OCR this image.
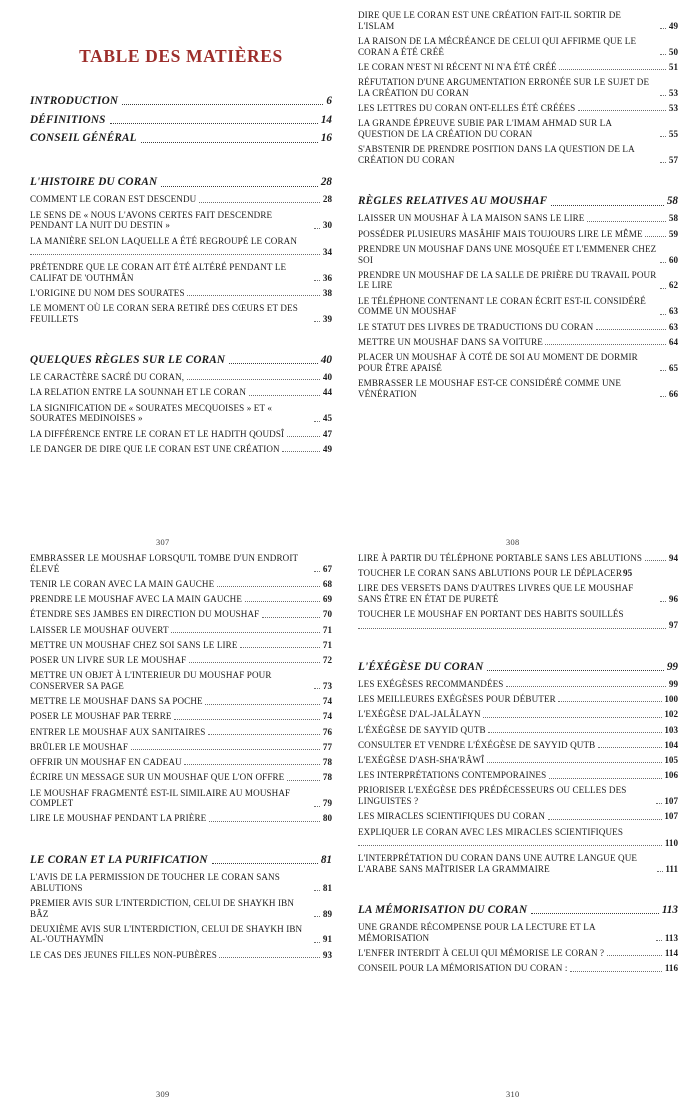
TABLE DES MATIÈRES
INTRODUCTION	6
DÉFINITIONS	14
CONSEIL GÉNÉRAL	16
L'HISTOIRE DU CORAN	28
COMMENT LE CORAN EST DESCENDU	28
LE SENS DE « NOUS L'AVONS CERTES FAIT DESCENDRE PENDANT LA NUIT DU DESTIN »	30
LA MANIÈRE SELON LAQUELLE A ÉTÉ REGROUPÉ LE CORAN
34
PRÉTENDRE QUE LE CORAN AIT ÉTÉ ALTÉRÉ PENDANT LE CALIFAT DE 'OUTHMÂN	36
L'ORIGINE DU NOM DES SOURATES	38
LE MOMENT OÙ LE CORAN SERA RETIRÉ DES CŒURS ET DES FEUILLETS	39
QUELQUES RÈGLES SUR LE CORAN	40
LE CARACTÈRE SACRÉ DU CORAN,	40
LA RELATION ENTRE LA SOUNNAH ET LE CORAN	44
LA SIGNIFICATION DE « SOURATES MECQUOISES » ET « SOURATES MEDINOISES »	45
LA DIFFÉRENCE ENTRE LE CORAN ET LE HADITH QOUDSÎ	47
LE DANGER DE DIRE QUE LE CORAN EST UNE CRÉATION	49
307
DIRE QUE LE CORAN EST UNE CRÉATION FAIT-IL SORTIR DE L'ISLAM	49
LA RAISON DE LA MÉCRÉANCE DE CELUI QUI AFFIRME QUE LE CORAN A ÉTÉ CRÉÉ	50
LE CORAN N'EST NI RÉCENT NI N'A ÉTÉ CRÉÉ	51
RÉFUTATION D'UNE ARGUMENTATION ERRONÉE SUR LE SUJET DE LA CRÉATION DU CORAN	53
LES LETTRES DU CORAN ONT-ELLES ÉTÉ CRÉÉES	53
LA GRANDE ÉPREUVE SUBIE PAR L'IMAM AHMAD SUR LA QUESTION DE LA CRÉATION DU CORAN	55
S'ABSTENIR DE PRENDRE POSITION DANS LA QUESTION DE LA CRÉATION DU CORAN	57
RÈGLES RELATIVES AU MOUSHAF	58
LAISSER UN MOUSHAF À LA MAISON SANS LE LIRE	58
POSSÉDER PLUSIEURS MASÂHIF MAIS TOUJOURS LIRE LE MÊME	59
PRENDRE UN MOUSHAF DANS UNE MOSQUÉE ET L'EMMENER CHEZ SOI	60
PRENDRE UN MOUSHAF DE LA SALLE DE PRIÈRE DU TRAVAIL POUR LE LIRE	62
LE TÉLÉPHONE CONTENANT LE CORAN ÉCRIT EST-IL CONSIDÉRÉ COMME UN MOUSHAF	63
LE STATUT DES LIVRES DE TRADUCTIONS DU CORAN	63
METTRE UN MOUSHAF DANS SA VOITURE	64
PLACER UN MOUSHAF À COTÉ DE SOI AU MOMENT DE DORMIR POUR ÊTRE APAISÉ	65
EMBRASSER LE MOUSHAF EST-CE CONSIDÉRÉ COMME UNE VÉNÉRATION	66
308
EMBRASSER LE MOUSHAF LORSQU'IL TOMBE D'UN ENDROIT ÉLEVÉ	67
TENIR LE CORAN AVEC LA MAIN GAUCHE	68
PRENDRE LE MOUSHAF AVEC LA MAIN GAUCHE	69
ÉTENDRE SES JAMBES EN DIRECTION DU MOUSHAF	70
LAISSER LE MOUSHAF OUVERT	71
METTRE UN MOUSHAF CHEZ SOI SANS LE LIRE	71
POSER UN LIVRE SUR LE MOUSHAF	72
METTRE UN OBJET À L'INTERIEUR DU MOUSHAF POUR CONSERVER SA PAGE	73
METTRE LE MOUSHAF DANS SA POCHE	74
POSER LE MOUSHAF PAR TERRE	74
ENTRER LE MOUSHAF AUX SANITAIRES	76
BRÛLER LE MOUSHAF	77
OFFRIR UN MOUSHAF EN CADEAU	78
ÉCRIRE UN MESSAGE SUR UN MOUSHAF QUE L'ON OFFRE	78
LE MOUSHAF FRAGMENTÉ EST-IL SIMILAIRE AU MOUSHAF COMPLET	79
LIRE LE MOUSHAF PENDANT LA PRIÈRE	80
LE CORAN ET LA PURIFICATION	81
L'AVIS DE LA PERMISSION DE TOUCHER LE CORAN SANS ABLUTIONS	81
PREMIER AVIS SUR L'INTERDICTION, CELUI DE SHAYKH IBN BÂZ	89
DEUXIÈME AVIS SUR L'INTERDICTION, CELUI DE SHAYKH IBN AL-'OUTHAYMÎN	91
LE CAS DES JEUNES FILLES NON-PUBÈRES	93
309
LIRE À PARTIR DU TÉLÉPHONE PORTABLE SANS LES ABLUTIONS	94
TOUCHER LE CORAN SANS ABLUTIONS POUR LE DÉPLACER 95
LIRE DES VERSETS DANS D'AUTRES LIVRES QUE LE MOUSHAF SANS ÊTRE EN ÉTAT DE PURETÉ	96
TOUCHER LE MOUSHAF EN PORTANT DES HABITS SOUILLÉS
97
L'ÉXÉGÈSE DU CORAN	99
LES EXÉGÈSES RECOMMANDÉES	99
LES MEILLEURES EXÉGÈSES POUR DÉBUTER	100
L'EXÉGÈSE D'AL-JALÂLAYN	102
L'ÉXÉGÈSE DE SAYYID QUTB	103
CONSULTER ET VENDRE L'ÉXÉGÈSE DE SAYYID QUTB	104
L'EXÉGÈSE D'ASH-SHA'RÂWÎ	105
LES INTERPRÉTATIONS CONTEMPORAINES	106
PRIORISER L'EXÉGÈSE DES PRÉDÉCESSEURS OU CELLES DES LINGUISTES ?	107
LES MIRACLES SCIENTIFIQUES DU CORAN	107
EXPLIQUER LE CORAN AVEC LES MIRACLES SCIENTIFIQUES
110
L'INTERPRÉTATION DU CORAN DANS UNE AUTRE LANGUE QUE L'ARABE SANS MAÎTRISER LA GRAMMAIRE	111
LA MÉMORISATION DU CORAN	113
UNE GRANDE RÉCOMPENSE POUR LA LECTURE ET LA MÉMORISATION	113
L'ENFER INTERDIT À CELUI QUI MÉMORISE LE CORAN ?	114
CONSEIL POUR LA MÉMORISATION DU CORAN :	116
310
